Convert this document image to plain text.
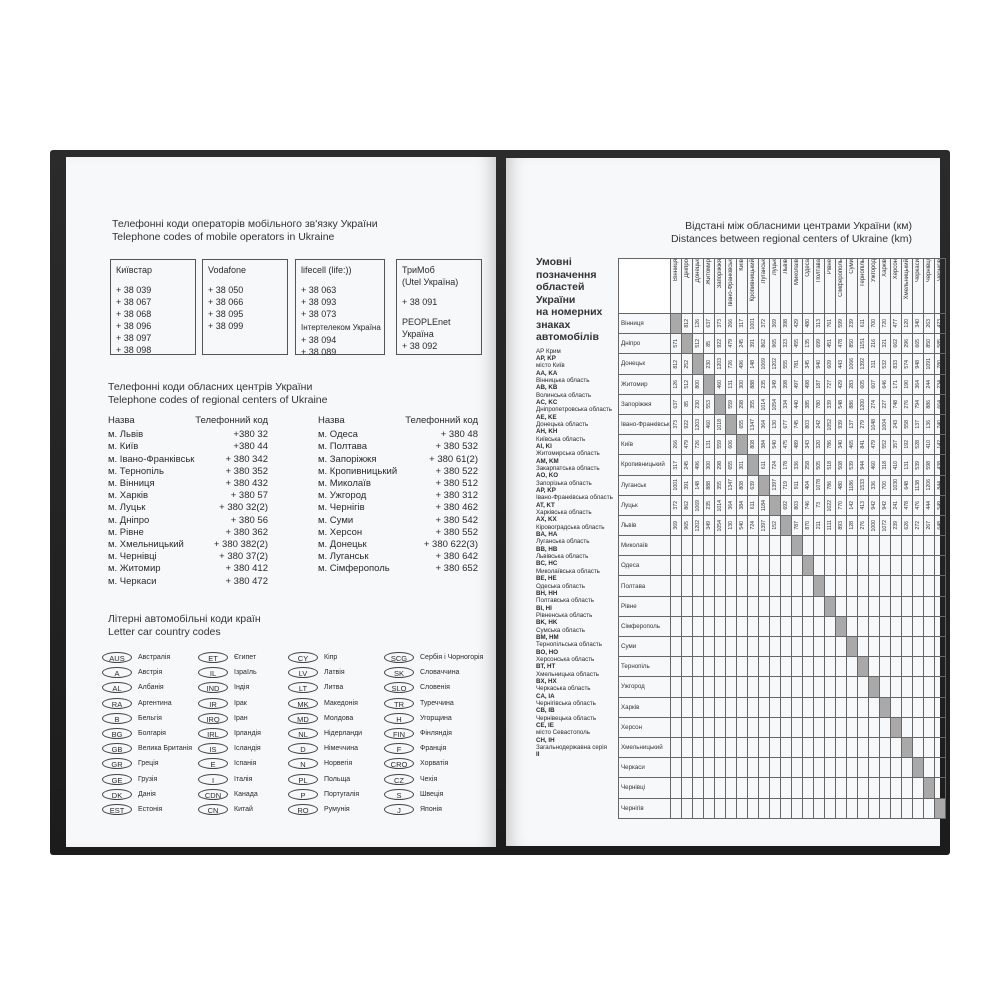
Телефонні коди операторів мобільного зв'язку України
Telephone codes of mobile operators in Ukraine
Київстар
+ 38 039
+ 38 067
+ 38 068
+ 38 096
+ 38 097
+ 38 098
Vodafone
+ 38 050
+ 38 066
+ 38 095
+ 38 099
lifecell (life:))
+ 38 063
+ 38 093
+ 38 073
Інтертелеком Україна
+ 38 094
+ 38 089
ТриМоб
(Utel Україна)
+ 38 091
PEOPLEnet
Україна
+ 38 092
Телефонні коди обласних центрів України
Telephone codes of regional centers of Ukraine
Назва	Телефонний код
м. Львів	+380 32
м. Київ	+380 44
м. Івано-Франківськ	+ 380 342
м. Тернопіль	+ 380 352
м. Вінниця	+ 380 432
м. Харків	+ 380 57
м. Луцьк	+ 380 32(2)
м. Дніпро	+ 380 56
м. Рівне	+ 380 362
м. Хмельницький	+ 380 382(2)
м. Чернівці	+ 380 37(2)
м. Житомир	+ 380 412
м. Черкаси	+ 380 472
Назва	Телефонний код
м. Одеса	+ 380 48
м. Полтава	+ 380 532
м. Запоріжжя	+ 380 61(2)
м. Кропивницький	+ 380 522
м. Миколаїв	+ 380 512
м. Ужгород	+ 380 312
м. Чернігів	+ 380 462
м. Суми	+ 380 542
м. Херсон	+ 380 552
м. Донецьк	+ 380 622(3)
м. Луганськ	+ 380 642
м. Сімферополь	+ 380 652
Літерні автомобільні коди країн
Letter car country codes
AUS	Австралія
A	Австрія
AL	Албанія
RA	Аргентина
B	Бельгія
BG	Болгарія
GB	Велика Британія
GR	Греція
GE	Грузія
DK	Данія
EST	Естонія
ET	Єгипет
IL	Ізраїль
IND	Індія
IR	Ірак
IRQ	Іран
IRL	Ірландія
IS	Ісландія
E	Іспанія
I	Італія
CDN	Канада
CN	Китай
CY	Кіпр
LV	Латвія
LT	Литва
MK	Македонія
MD	Молдова
NL	Нідерланди
D	Німеччина
N	Норвегія
PL	Польща
P	Португалія
RO	Румунія
SCG	Сербія і Чорногорія
SK	Словаччина
SLO	Словенія
TR	Туреччина
H	Угорщина
FIN	Фінляндія
F	Франція
CRO	Хорватія
CZ	Чехія
S	Швеція
J	Японія
Відстані між обласними центрами України (км)
Distances between regional centers of Ukraine (km)
Умовні
позначення
областей
України
на номерних
знаках
автомобілів
АР Крим
AP, KP
місто Київ
AA, KA
Вінницька область
AB, KB
Волинська область
AC, KC
Дніпропетровська область
AE, KE
Донецька область
AH, KH
Київська область
AI, KI
Житомирська область
AM, KM
Закарпатська область
AO, KO
Запорізька область
AP, KP
Івано-Франківська область
AT, KT
Харківська область
AX, KX
Кіровоградська область
BA, HA
Луганська область
BB, HB
Львівська область
BC, HC
Миколаївська область
BE, HE
Одеська область
BH, HH
Полтавська область
BI, HI
Рівненська область
BK, HK
Сумська область
BM, HM
Тернопільська область
BO, HO
Херсонська область
BT, HT
Хмельницька область
BX, HX
Черкаська область
CA, IA
Чернігівська область
CB, IB
Чернівецька область
CE, IE
місто Севастополь
CH, IH
Загальнодержавна серія
II
	Вінниця	Дніпро	Донецьк	Житомир	Запоріжжя	Івано-Франківськ	Київ	Кропивницький	Луганськ	Луцьк	Львів	Миколаїв	Одеса	Полтава	Рівне	Сімферополь	Суми	Тернопіль	Ужгород	Харків	Херсон	Хмельницький	Черкаси	Чернівці	Чернігів
Вінниця		812	126	637	373	266	317	1001	372	369	398	429	480	313	761	599	239	611	700	720	477	120	340	263	423

Дніпро	571		512	85	922	479	245	391	862	965	323	455	135	699	451	478	850	1151	216	321	662	296	665	850	585

Донецьк	812	252		230	1203	726	496	148	1069	1202	555	781	345	940	609	443	1066	1392	311	532	833	574	948	1091	780

Житомир	126	512	800		460	131	300	888	235	349	398	497	498	187	727	429	283	605	607	646	171	190	364	244	234

Запоріжжя	637	85	230	553		559	298	355	1014	1054	334	440	385	780	339	548	886	1200	274	227	748	276	794	886	664

Івано-Франківськ	373	922	1203	460	1018		655	1347	364	130	677	745	803	242	1052	939	137	279	1048	1004	243	558	137	136	740

Київ	266	479	726	131	559	606		808	384	540	475	489	343	320	786	340	465	841	479	552	357	192	528	410	142

Кропивницький	317	245	496	300	298	655	301		611	724	178	336	258	505	518	508	539	944	460	318	410	131	539	598	438

Луганськ	1001	391	148	888	355	1347	808	639		1397	719	911	404	1078	786	480	1186	1533	336	700	1030	648	1138	1206	844

Луцьк	372	862	1069	235	1014	364	384	611	1184		692	803	746	73	1022	770	142	413	942	942	241	478	476	444	549

Львів	369	965	1202	349	1054	130	540	724	1397	152		787	870	211	1111	893	128	276	1000	1072	239	626	272	267	648

Миколаїв																									
Одеса																									
Полтава																									
Рівне																									
Сімферополь																									
Суми																									
Тернопіль																									
Ужгород																									
Харків																									
Херсон																									
Хмельницький																									
Черкаси																									
Чернівці																									
Чернігів																									
